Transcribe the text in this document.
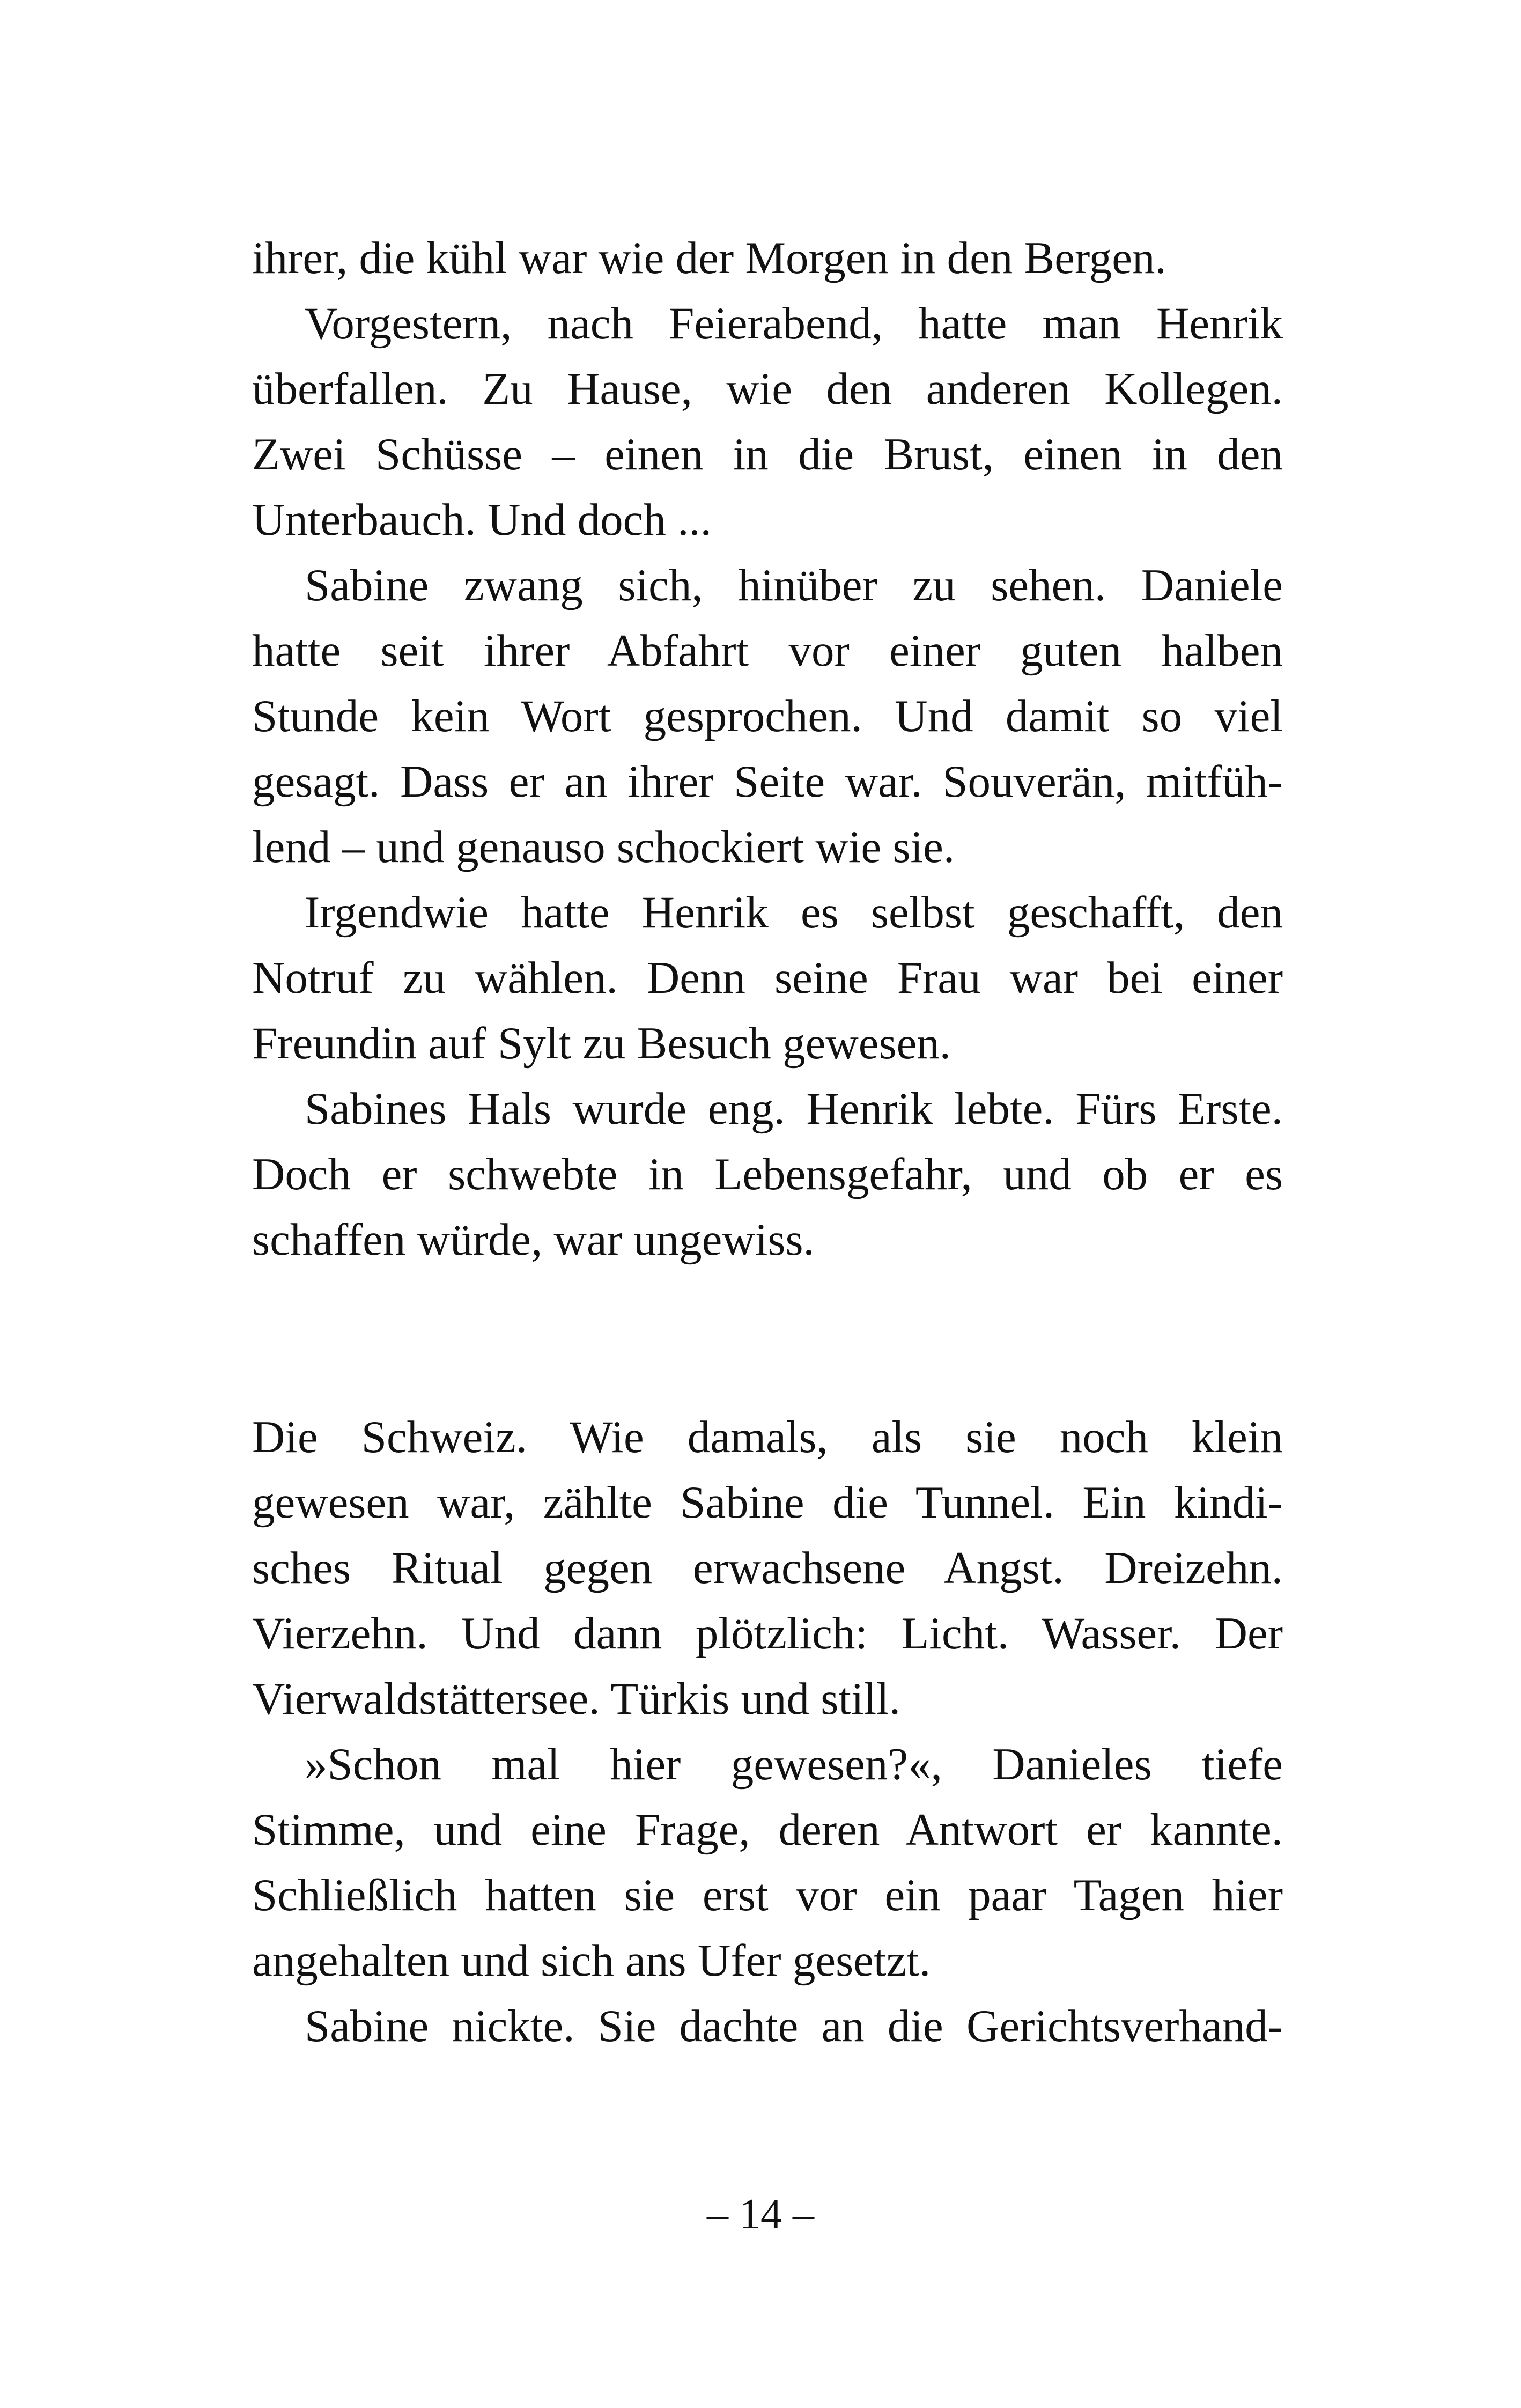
ihrer, die kühl war wie der Morgen in den Bergen.
Vorgestern, nach Feierabend, hatte man Henrik
überfallen. Zu Hause, wie den anderen Kollegen.
Zwei Schüsse – einen in die Brust, einen in den
Unterbauch. Und doch ...
Sabine zwang sich, hinüber zu sehen. Daniele
hatte seit ihrer Abfahrt vor einer guten halben
Stunde kein Wort gesprochen. Und damit so viel
gesagt. Dass er an ihrer Seite war. Souverän, mitfüh-
lend – und genauso schockiert wie sie.
Irgendwie hatte Henrik es selbst geschafft, den
Notruf zu wählen. Denn seine Frau war bei einer
Freundin auf Sylt zu Besuch gewesen.
Sabines Hals wurde eng. Henrik lebte. Fürs Erste.
Doch er schwebte in Lebensgefahr, und ob er es
schaffen würde, war ungewiss.
Die Schweiz. Wie damals, als sie noch klein
gewesen war, zählte Sabine die Tunnel. Ein kindi-
sches Ritual gegen erwachsene Angst. Dreizehn.
Vierzehn. Und dann plötzlich: Licht. Wasser. Der
Vierwaldstättersee. Türkis und still.
»Schon mal hier gewesen?«, Danieles tiefe
Stimme, und eine Frage, deren Antwort er kannte.
Schließlich hatten sie erst vor ein paar Tagen hier
angehalten und sich ans Ufer gesetzt.
Sabine nickte. Sie dachte an die Gerichtsverhand-
– 14 –
